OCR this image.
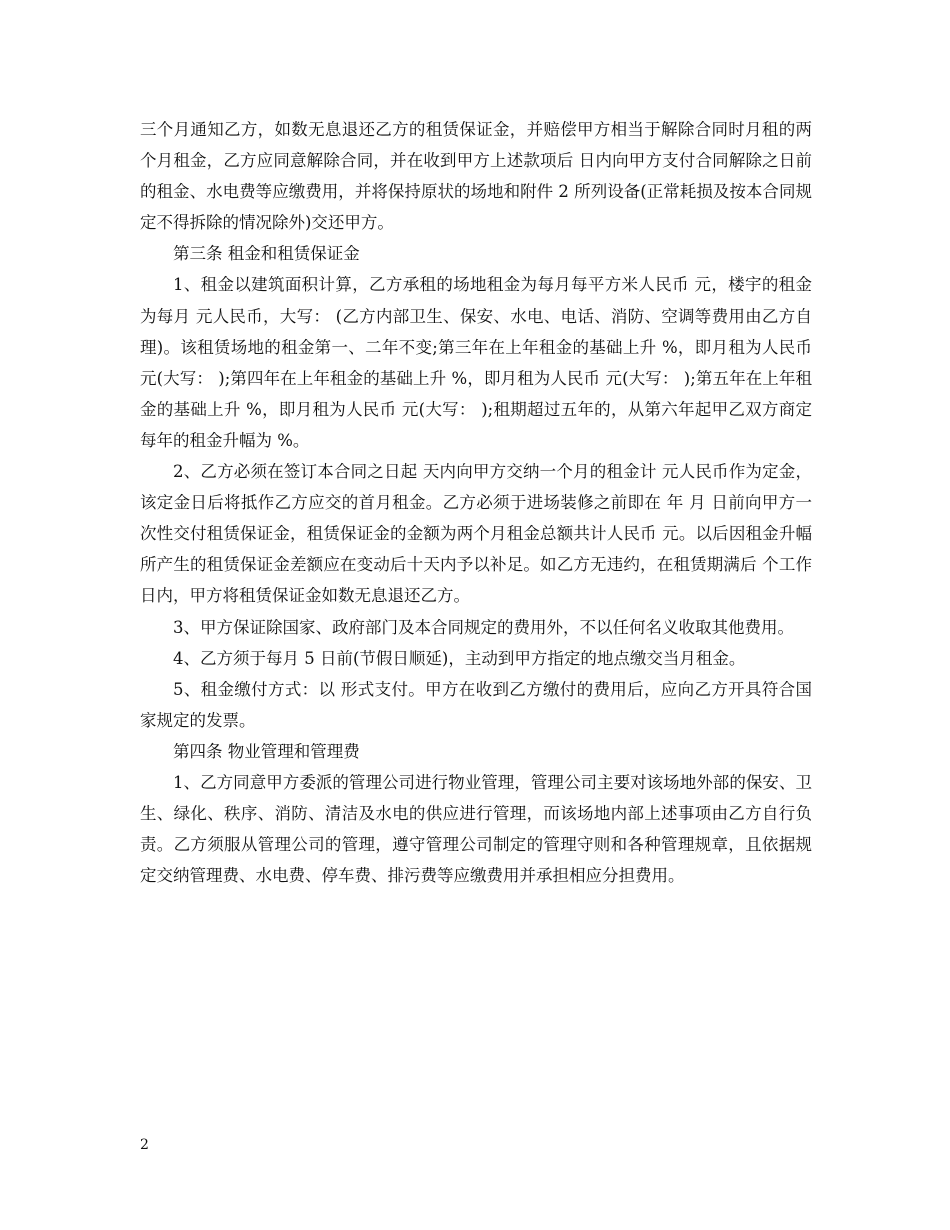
三个月通知乙方，如数无息退还乙方的租赁保证金，并赔偿甲方相当于解除合同时月租的两个月租金，乙方应同意解除合同，并在收到甲方上述款项后 日内向甲方支付合同解除之日前的租金、水电费等应缴费用，并将保持原状的场地和附件 2 所列设备(正常耗损及按本合同规定不得拆除的情况除外)交还甲方。

第三条 租金和租赁保证金

1、租金以建筑面积计算，乙方承租的场地租金为每月每平方米人民币 元，楼宇的租金为每月 元人民币，大写： (乙方内部卫生、保安、水电、电话、消防、空调等费用由乙方自理)。该租赁场地的租金第一、二年不变;第三年在上年租金的基础上升 %，即月租为人民币 元(大写： );第四年在上年租金的基础上升 %，即月租为人民币 元(大写： );第五年在上年租金的基础上升 %，即月租为人民币 元(大写： );租期超过五年的，从第六年起甲乙双方商定每年的租金升幅为 %。

2、乙方必须在签订本合同之日起 天内向甲方交纳一个月的租金计 元人民币作为定金，该定金日后将抵作乙方应交的首月租金。乙方必须于进场装修之前即在 年 月 日前向甲方一次性交付租赁保证金，租赁保证金的金额为两个月租金总额共计人民币 元。以后因租金升幅所产生的租赁保证金差额应在变动后十天内予以补足。如乙方无违约，在租赁期满后 个工作日内，甲方将租赁保证金如数无息退还乙方。

3、甲方保证除国家、政府部门及本合同规定的费用外，不以任何名义收取其他费用。

4、乙方须于每月 5 日前(节假日顺延)，主动到甲方指定的地点缴交当月租金。

5、租金缴付方式：以 形式支付。甲方在收到乙方缴付的费用后，应向乙方开具符合国家规定的发票。

第四条 物业管理和管理费

1、乙方同意甲方委派的管理公司进行物业管理，管理公司主要对该场地外部的保安、卫生、绿化、秩序、消防、清洁及水电的供应进行管理，而该场地内部上述事项由乙方自行负责。乙方须服从管理公司的管理，遵守管理公司制定的管理守则和各种管理规章，且依据规定交纳管理费、水电费、停车费、排污费等应缴费用并承担相应分担费用。

2
